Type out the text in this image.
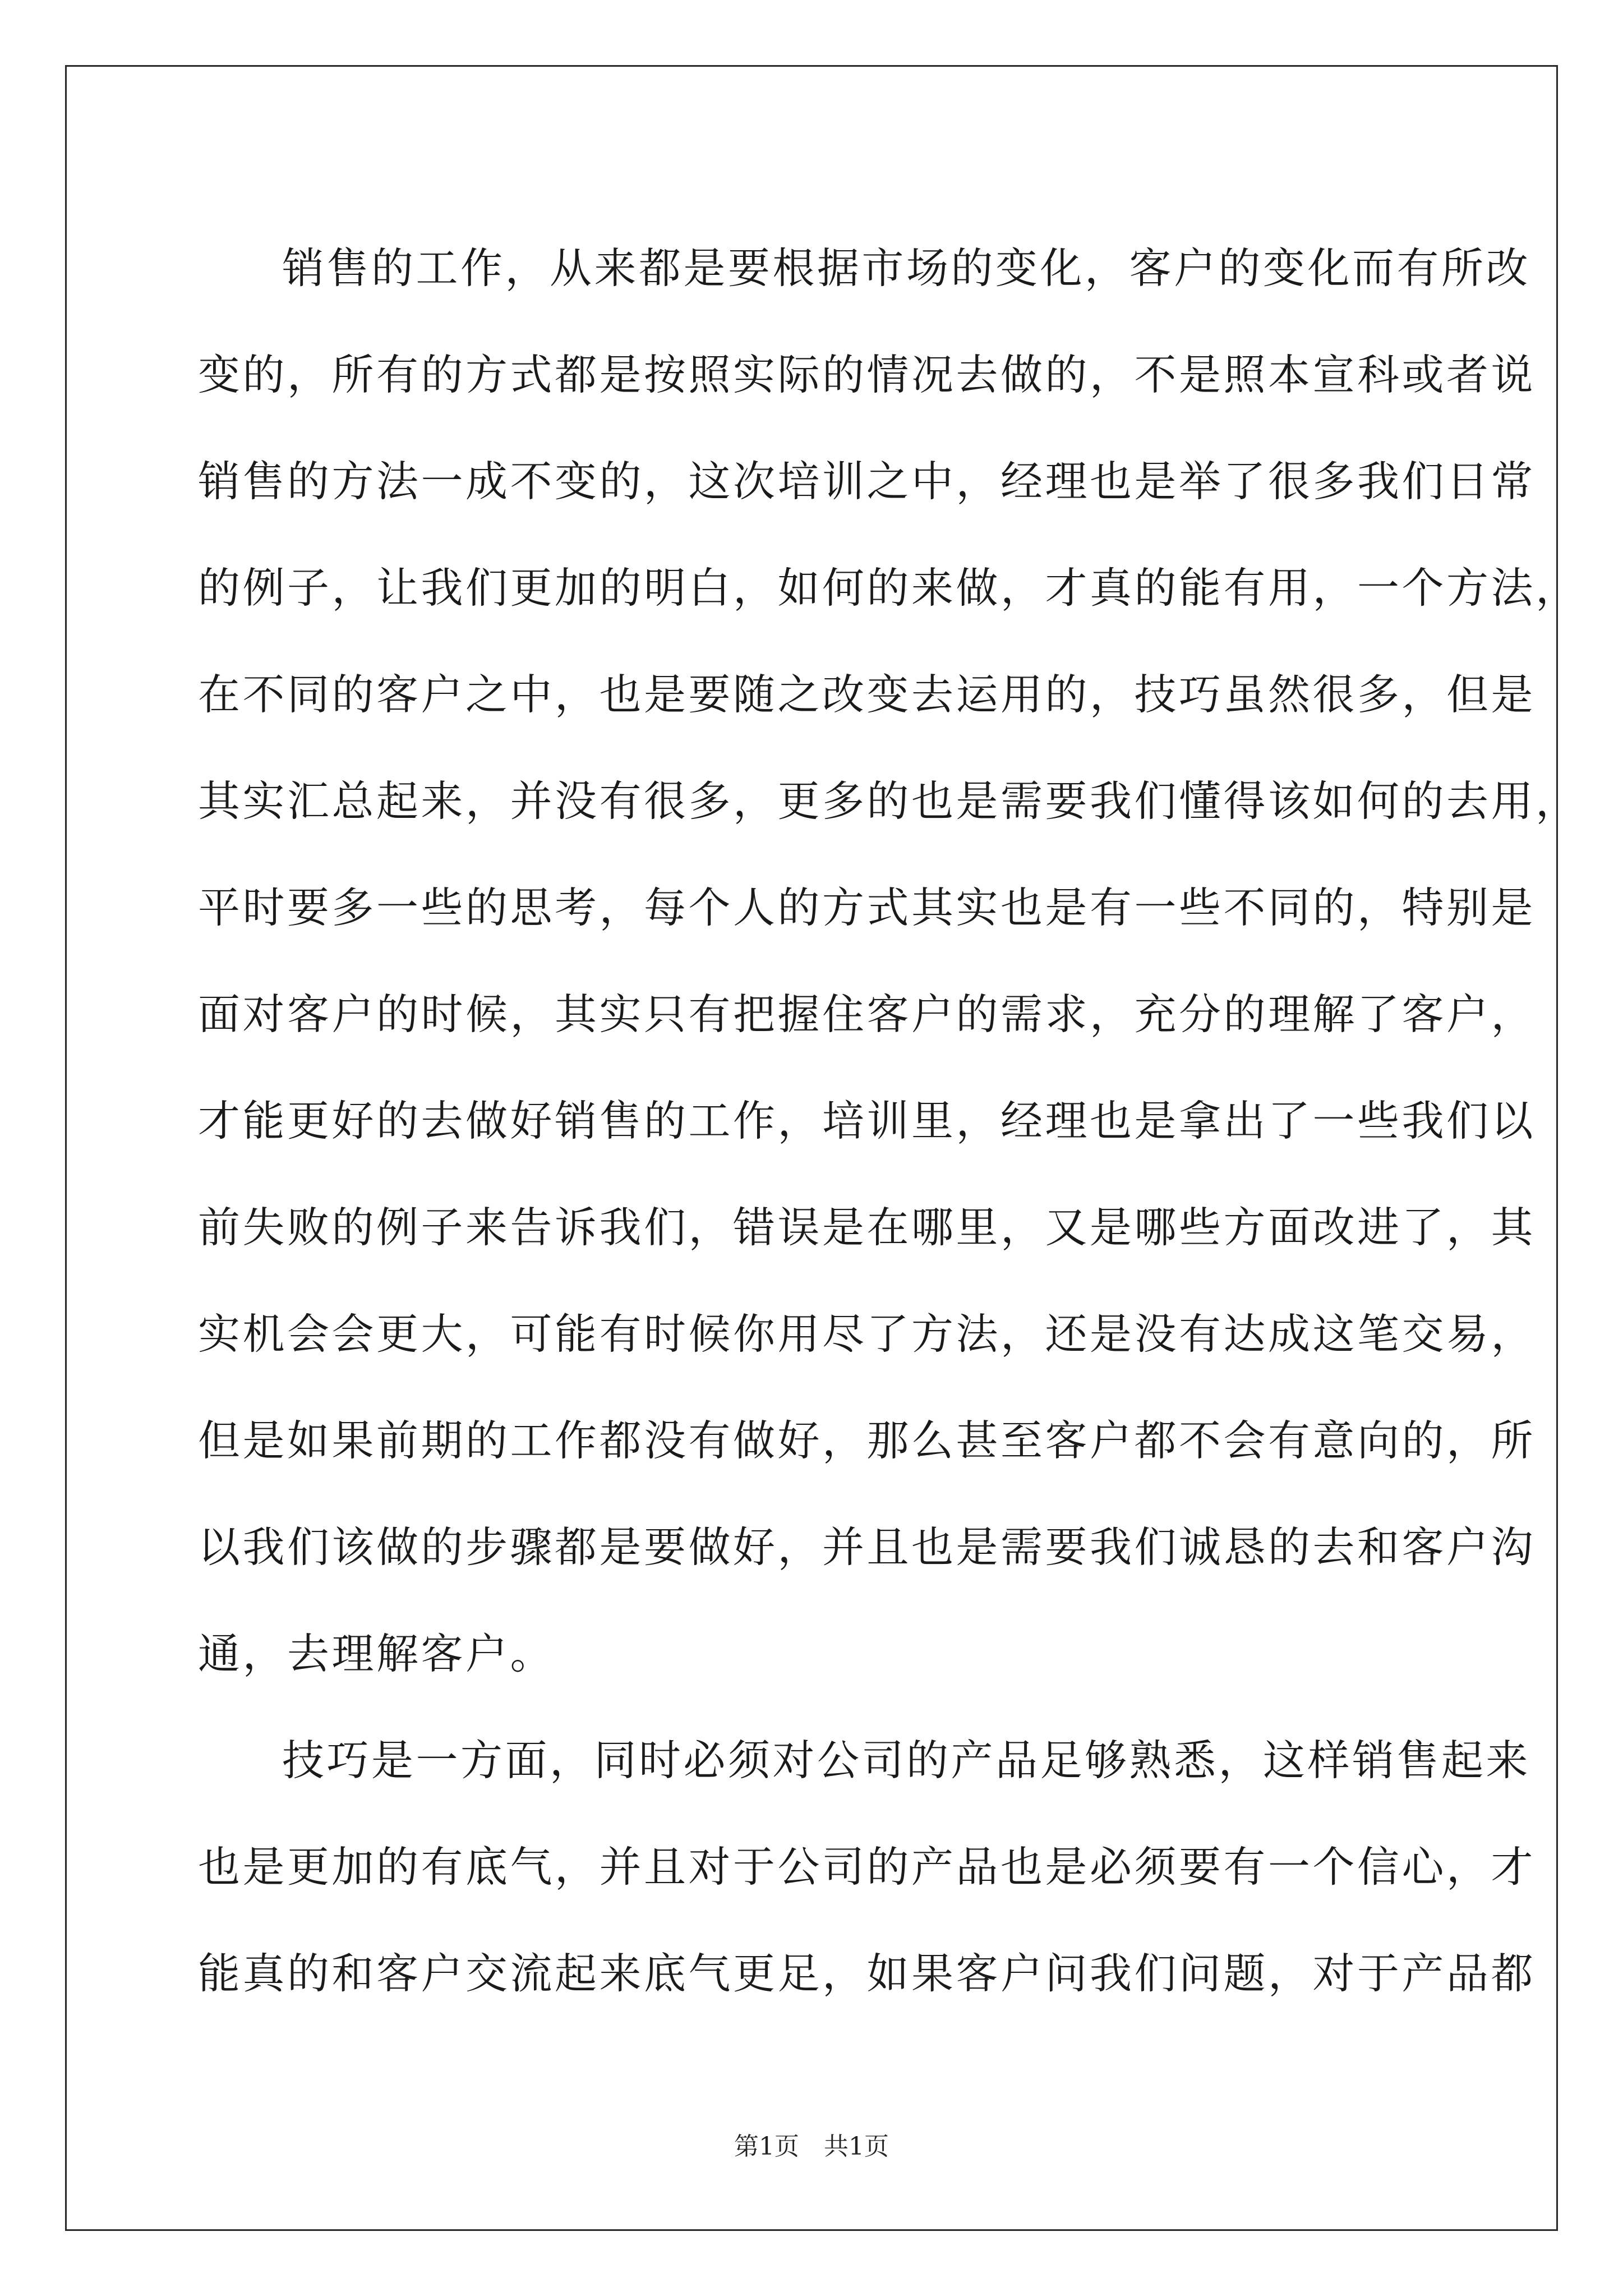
销售的工作，从来都是要根据市场的变化，客户的变化而有所改
变的，所有的方式都是按照实际的情况去做的，不是照本宣科或者说
销售的方法一成不变的，这次培训之中，经理也是举了很多我们日常
的例子，让我们更加的明白，如何的来做，才真的能有用，一个方法，
在不同的客户之中，也是要随之改变去运用的，技巧虽然很多，但是
其实汇总起来，并没有很多，更多的也是需要我们懂得该如何的去用，
平时要多一些的思考，每个人的方式其实也是有一些不同的，特别是
面对客户的时候，其实只有把握住客户的需求，充分的理解了客户，
才能更好的去做好销售的工作，培训里，经理也是拿出了一些我们以
前失败的例子来告诉我们，错误是在哪里，又是哪些方面改进了，其
实机会会更大，可能有时候你用尽了方法，还是没有达成这笔交易，
但是如果前期的工作都没有做好，那么甚至客户都不会有意向的，所
以我们该做的步骤都是要做好，并且也是需要我们诚恳的去和客户沟
通，去理解客户。
技巧是一方面，同时必须对公司的产品足够熟悉，这样销售起来
也是更加的有底气，并且对于公司的产品也是必须要有一个信心，才
能真的和客户交流起来底气更足，如果客户问我们问题，对于产品都
第1页　共1页
